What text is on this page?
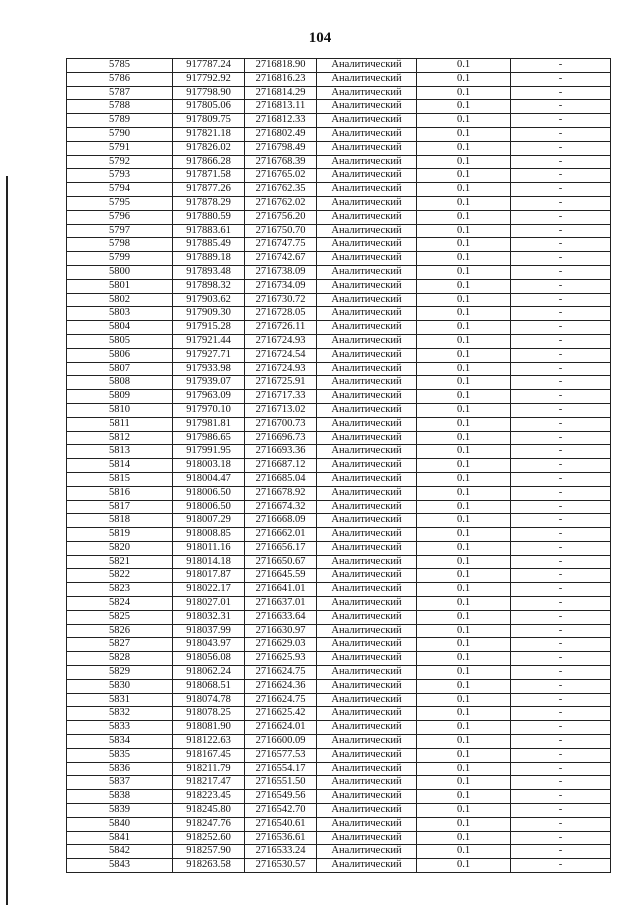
104
5785	917787.24	2716818.90	Аналитический	0.1	-
5786	917792.92	2716816.23	Аналитический	0.1	-
5787	917798.90	2716814.29	Аналитический	0.1	-
5788	917805.06	2716813.11	Аналитический	0.1	-
5789	917809.75	2716812.33	Аналитический	0.1	-
5790	917821.18	2716802.49	Аналитический	0.1	-
5791	917826.02	2716798.49	Аналитический	0.1	-
5792	917866.28	2716768.39	Аналитический	0.1	-
5793	917871.58	2716765.02	Аналитический	0.1	-
5794	917877.26	2716762.35	Аналитический	0.1	-
5795	917878.29	2716762.02	Аналитический	0.1	-
5796	917880.59	2716756.20	Аналитический	0.1	-
5797	917883.61	2716750.70	Аналитический	0.1	-
5798	917885.49	2716747.75	Аналитический	0.1	-
5799	917889.18	2716742.67	Аналитический	0.1	-
5800	917893.48	2716738.09	Аналитический	0.1	-
5801	917898.32	2716734.09	Аналитический	0.1	-
5802	917903.62	2716730.72	Аналитический	0.1	-
5803	917909.30	2716728.05	Аналитический	0.1	-
5804	917915.28	2716726.11	Аналитический	0.1	-
5805	917921.44	2716724.93	Аналитический	0.1	-
5806	917927.71	2716724.54	Аналитический	0.1	-
5807	917933.98	2716724.93	Аналитический	0.1	-
5808	917939.07	2716725.91	Аналитический	0.1	-
5809	917963.09	2716717.33	Аналитический	0.1	-
5810	917970.10	2716713.02	Аналитический	0.1	-
5811	917981.81	2716700.73	Аналитический	0.1	-
5812	917986.65	2716696.73	Аналитический	0.1	-
5813	917991.95	2716693.36	Аналитический	0.1	-
5814	918003.18	2716687.12	Аналитический	0.1	-
5815	918004.47	2716685.04	Аналитический	0.1	-
5816	918006.50	2716678.92	Аналитический	0.1	-
5817	918006.50	2716674.32	Аналитический	0.1	-
5818	918007.29	2716668.09	Аналитический	0.1	-
5819	918008.85	2716662.01	Аналитический	0.1	-
5820	918011.16	2716656.17	Аналитический	0.1	-
5821	918014.18	2716650.67	Аналитический	0.1	-
5822	918017.87	2716645.59	Аналитический	0.1	-
5823	918022.17	2716641.01	Аналитический	0.1	-
5824	918027.01	2716637.01	Аналитический	0.1	-
5825	918032.31	2716633.64	Аналитический	0.1	-
5826	918037.99	2716630.97	Аналитический	0.1	-
5827	918043.97	2716629.03	Аналитический	0.1	-
5828	918056.08	2716625.93	Аналитический	0.1	-
5829	918062.24	2716624.75	Аналитический	0.1	-
5830	918068.51	2716624.36	Аналитический	0.1	-
5831	918074.78	2716624.75	Аналитический	0.1	-
5832	918078.25	2716625.42	Аналитический	0.1	-
5833	918081.90	2716624.01	Аналитический	0.1	-
5834	918122.63	2716600.09	Аналитический	0.1	-
5835	918167.45	2716577.53	Аналитический	0.1	-
5836	918211.79	2716554.17	Аналитический	0.1	-
5837	918217.47	2716551.50	Аналитический	0.1	-
5838	918223.45	2716549.56	Аналитический	0.1	-
5839	918245.80	2716542.70	Аналитический	0.1	-
5840	918247.76	2716540.61	Аналитический	0.1	-
5841	918252.60	2716536.61	Аналитический	0.1	-
5842	918257.90	2716533.24	Аналитический	0.1	-
5843	918263.58	2716530.57	Аналитический	0.1	-
